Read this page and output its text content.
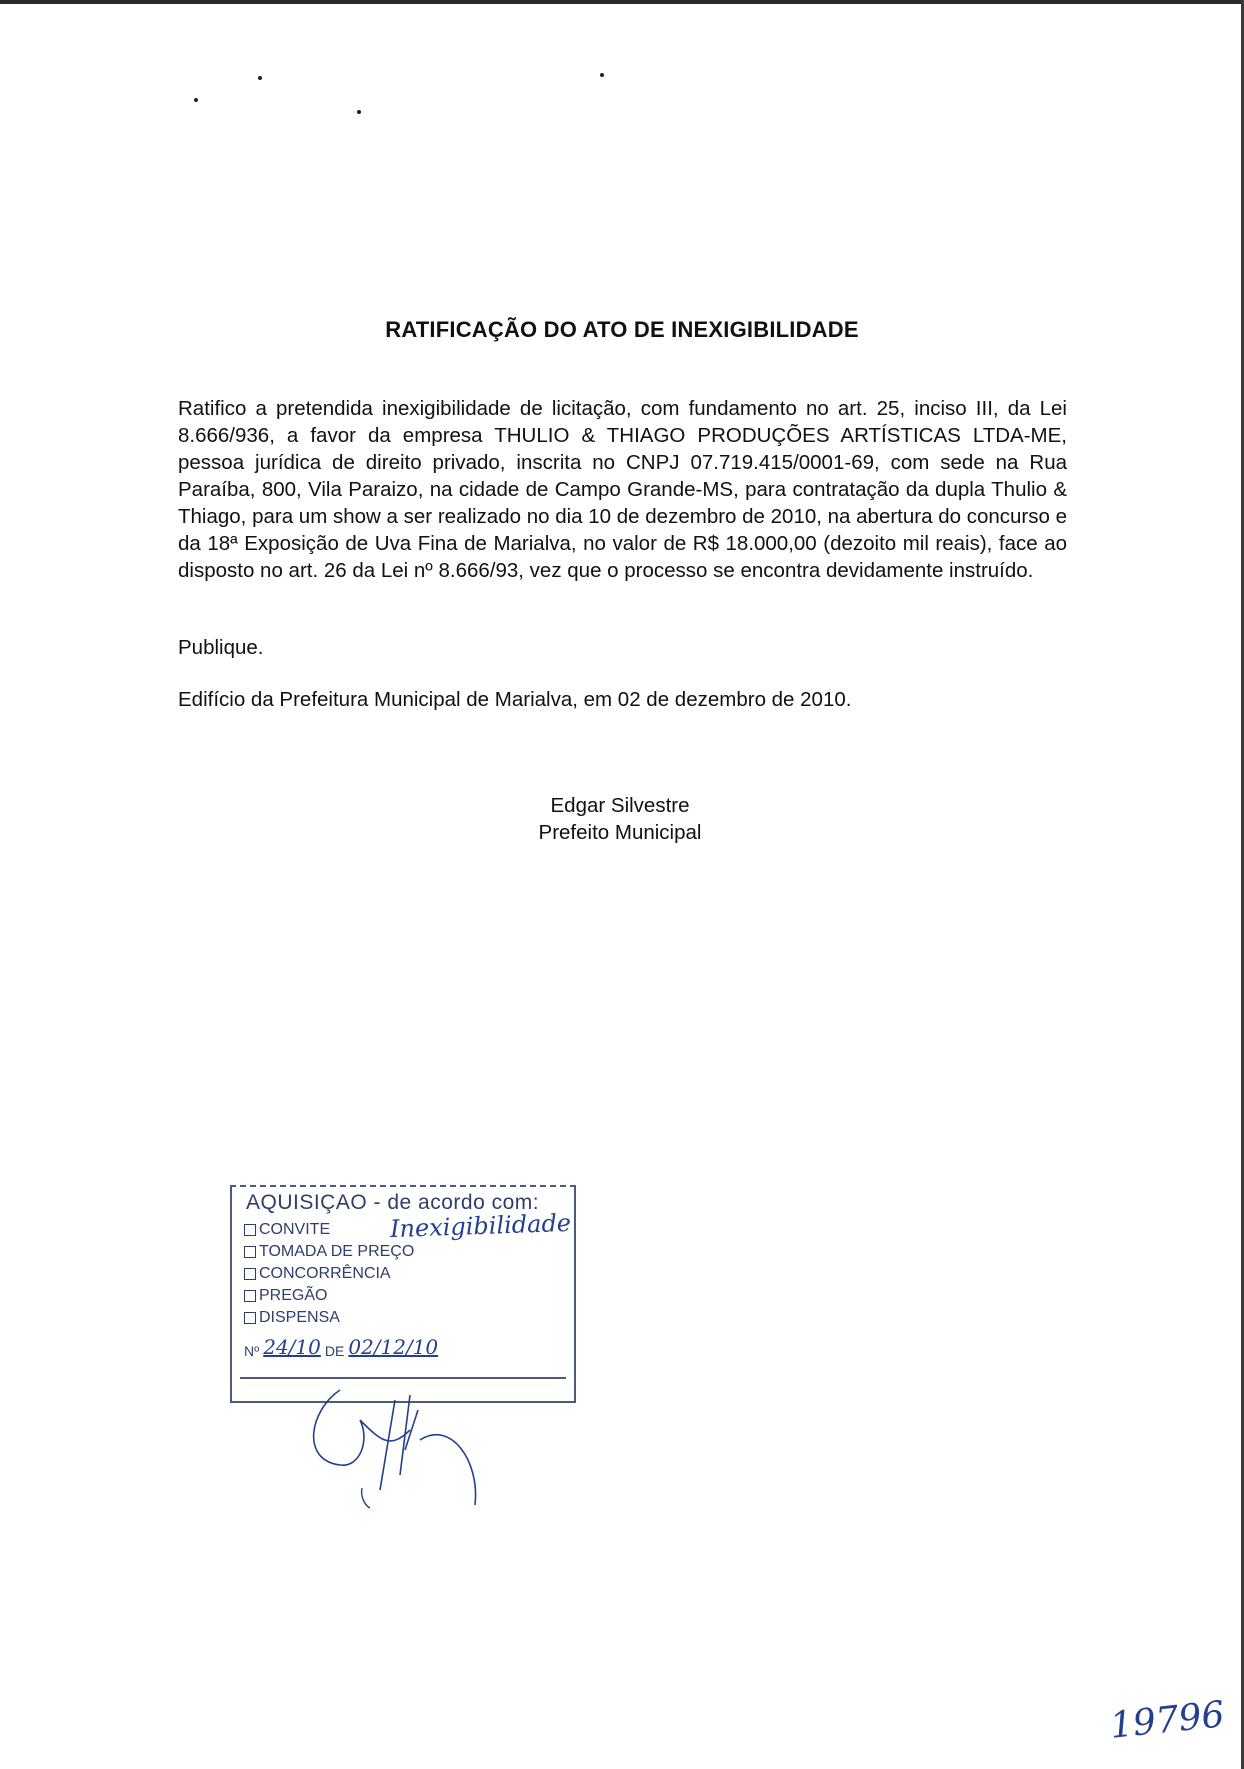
RATIFICAÇÃO DO ATO DE INEXIGIBILIDADE

Ratifico a pretendida inexigibilidade de licitação, com fundamento no art. 25, inciso III, da Lei 8.666/936, a favor da empresa THULIO & THIAGO PRODUÇÕES ARTÍSTICAS LTDA-ME, pessoa jurídica de direito privado, inscrita no CNPJ 07.719.415/0001-69, com sede na Rua Paraíba, 800, Vila Paraizo, na cidade de Campo Grande-MS, para contratação da dupla Thulio & Thiago, para um show a ser realizado no dia 10 de dezembro de 2010, na abertura do concurso e da 18ª Exposição de Uva Fina de Marialva, no valor de R$ 18.000,00 (dezoito mil reais), face ao disposto no art. 26 da Lei nº 8.666/93, vez que o processo se encontra devidamente instruído.

Publique.
Edifício da Prefeitura Municipal de Marialva, em 02 de dezembro de 2010.
Edgar Silvestre
Prefeito Municipal
AQUISIÇAO - de acordo com:
CONVITE
TOMADA DE PREÇO
CONCORRÊNCIA
PREGÃO
DISPENSA
Nº 24/10 DE 02/12/10
Inexigibilidade
19796
